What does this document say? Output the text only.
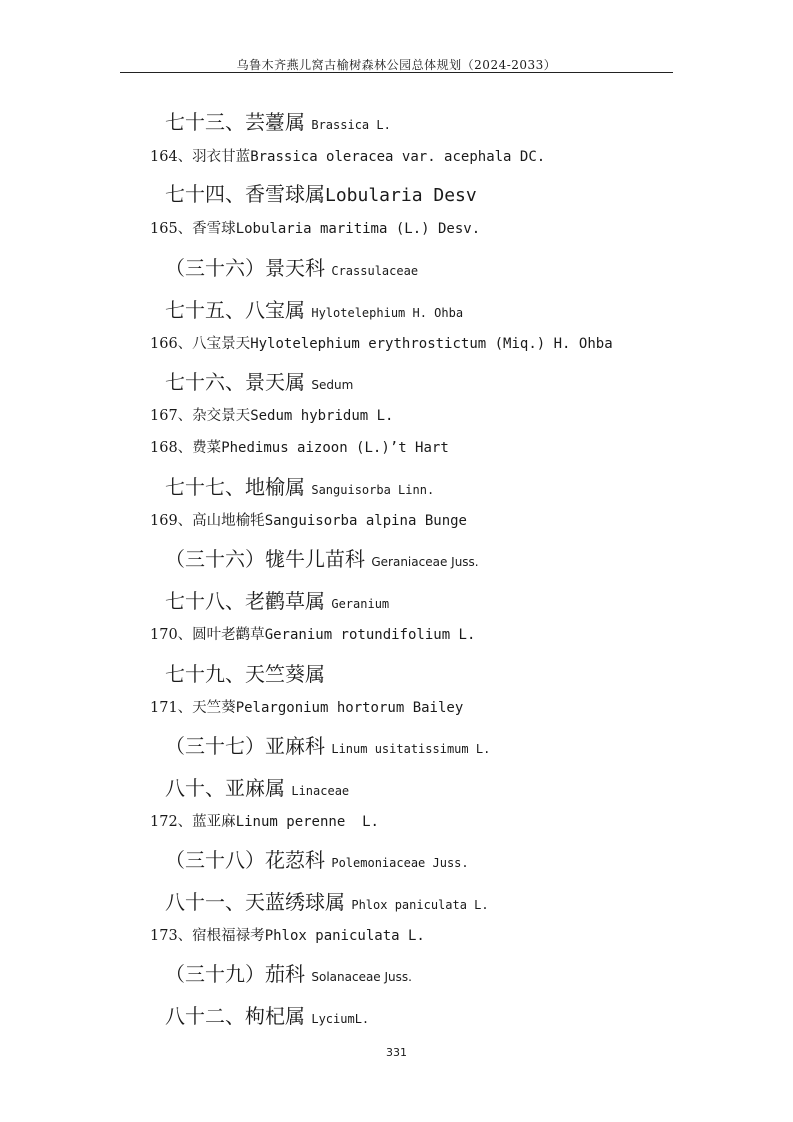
乌鲁木齐燕儿窝古榆树森林公园总体规划（2024-2033）
七十三、芸薹属 Brassica L.
164、羽衣甘蓝Brassica oleracea var. acephala DC.
七十四、香雪球属Lobularia Desv
165、香雪球Lobularia maritima (L.) Desv.
（三十六）景天科 Crassulaceae
七十五、八宝属 Hylotelephium H. Ohba
166、八宝景天Hylotelephium erythrostictum (Miq.) H. Ohba
七十六、景天属 Sedum
167、杂交景天Sedum hybridum L.
168、费菜Phedimus aizoon (L.)’t Hart
七十七、地榆属 Sanguisorba Linn.
169、高山地榆牦Sanguisorba alpina Bunge
（三十六）牻牛儿苗科 Geraniaceae Juss.
七十八、老鹳草属 Geranium
170、圆叶老鹳草Geranium rotundifolium L.
七十九、天竺葵属
171、天竺葵Pelargonium hortorum Bailey
（三十七）亚麻科 Linum usitatissimum L.
八十、亚麻属 Linaceae
172、蓝亚麻Linum perenne  L.
（三十八）花荵科 Polemoniaceae Juss.
八十一、天蓝绣球属 Phlox paniculata L.
173、宿根福禄考Phlox paniculata L.
（三十九）茄科 Solanaceae Juss.
八十二、枸杞属 LyciumL.
331
